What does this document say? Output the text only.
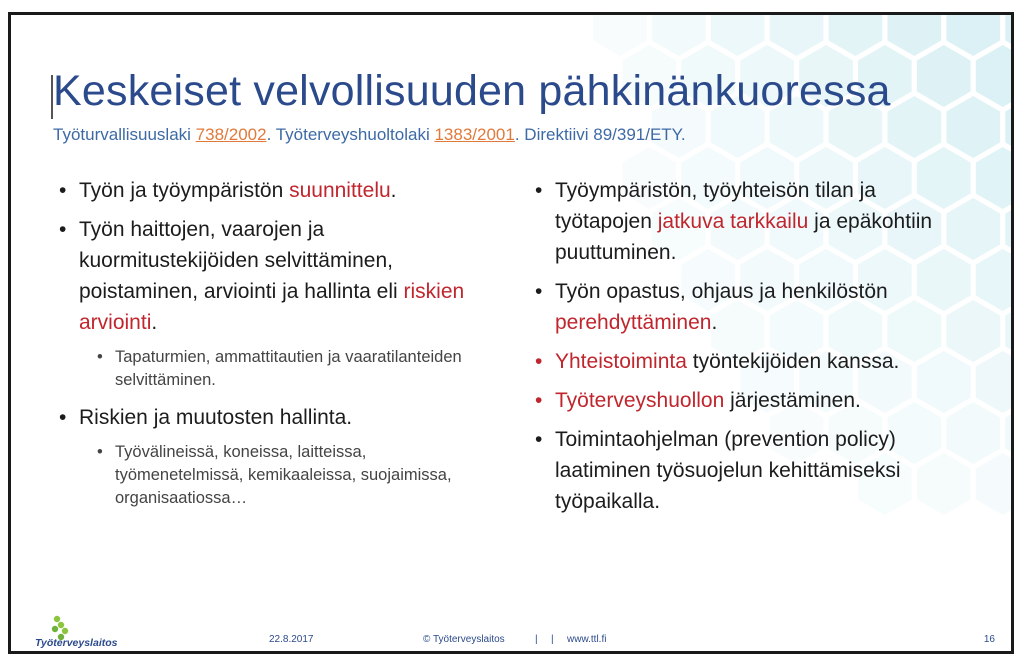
Keskeiset velvollisuuden pähkinänkuoressa
Työturvallisuuslaki 738/2002. Työterveyshuoltolaki 1383/2001. Direktiivi 89/391/ETY.
• Työn ja työympäristön suunnittelu.
• Työn haittojen, vaarojen ja kuormitustekijöiden selvittäminen, poistaminen, arviointi ja hallinta eli riskien arviointi.
• Tapaturmien, ammattitautien ja vaaratilanteiden selvittäminen.
• Riskien ja muutosten hallinta.
• Työvälineissä, koneissa, laitteissa, työmenetelmissä, kemikaaleissa, suojaimissa, organisaatiossa…
• Työympäristön, työyhteisön tilan ja työtapojen jatkuva tarkkailu ja epäkohtiin puuttuminen.
• Työn opastus, ohjaus ja henkilöstön perehdyttäminen.
• Yhteistoiminta työntekijöiden kanssa.
• Työterveyshuollon järjestäminen.
• Toimintaohjelman (prevention policy) laatiminen työsuojelun kehittämiseksi työpaikalla.
Työterveyslaitos	22.8.2017	© Työterveyslaitos	| | www.ttl.fi	16
